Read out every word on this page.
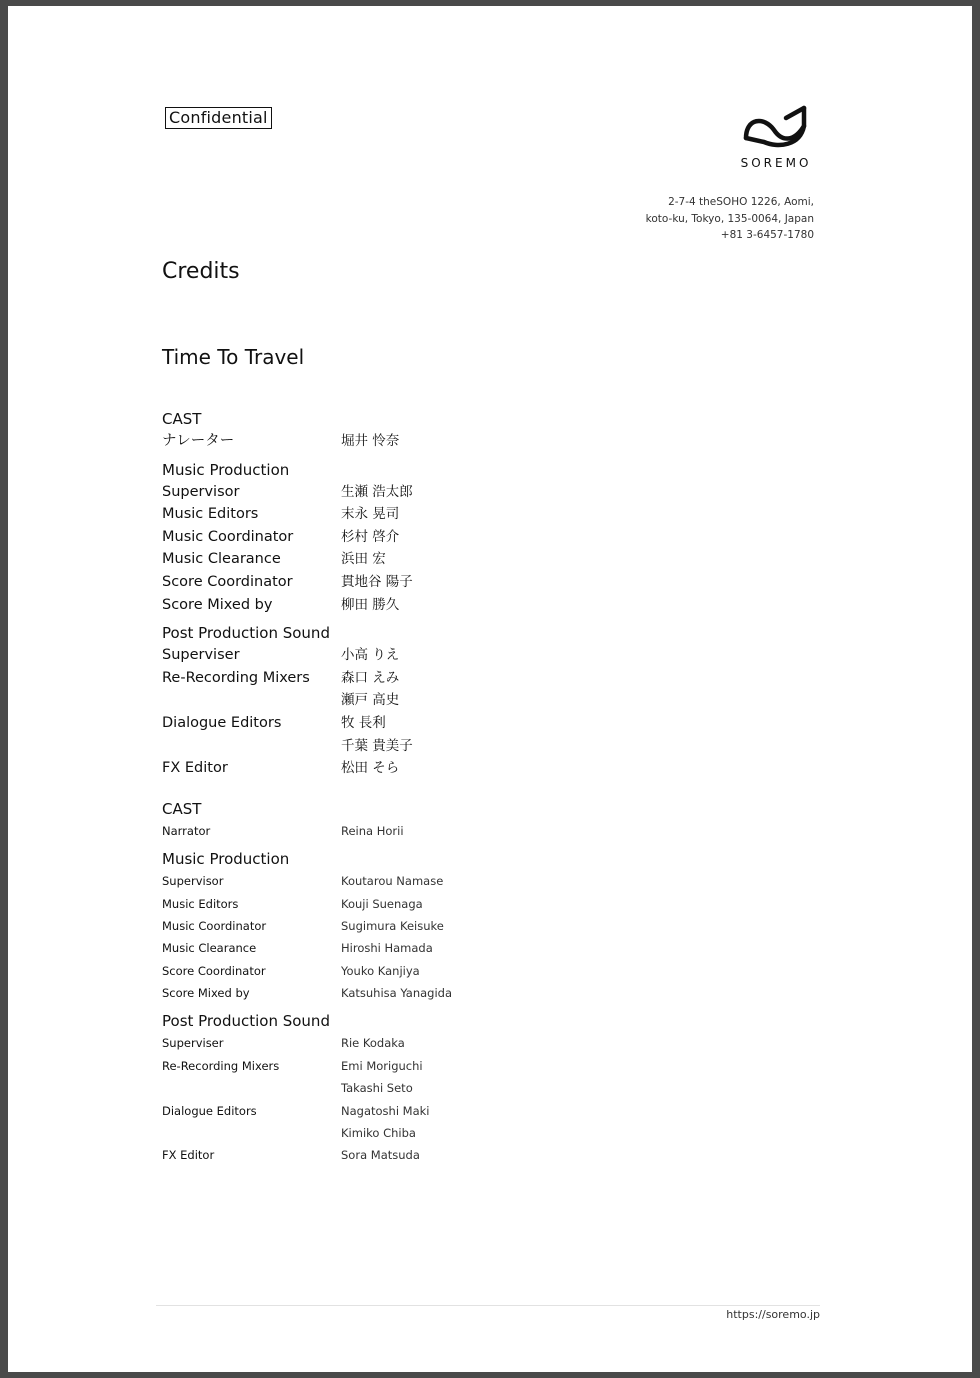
Confidential
SOREMO
2-7-4 theSOHO 1226, Aomi,
koto-ku, Tokyo, 135-0064, Japan
+81 3-6457-1780
Credits
Time To Travel
CAST
ナレーター	堀井 怜奈
Music Production
Supervisor	生瀬 浩太郎
Music Editors	末永 晃司
Music Coordinator	杉村 啓介
Music Clearance	浜田 宏
Score Coordinator	貫地谷 陽子
Score Mixed by	柳田 勝久
Post Production Sound
Superviser	小高 りえ
Re-Recording Mixers	森口 えみ
瀬戸 高史
Dialogue Editors	牧 長利
千葉 貴美子
FX Editor	松田 そら
CAST
Narrator	Reina Horii
Music Production
Supervisor	Koutarou Namase
Music Editors	Kouji Suenaga
Music Coordinator	Sugimura Keisuke
Music Clearance	Hiroshi Hamada
Score Coordinator	Youko Kanjiya
Score Mixed by	Katsuhisa Yanagida
Post Production Sound
Superviser	Rie Kodaka
Re-Recording Mixers	Emi Moriguchi
Takashi Seto
Dialogue Editors	Nagatoshi Maki
Kimiko Chiba
FX Editor	Sora Matsuda
https://soremo.jp
